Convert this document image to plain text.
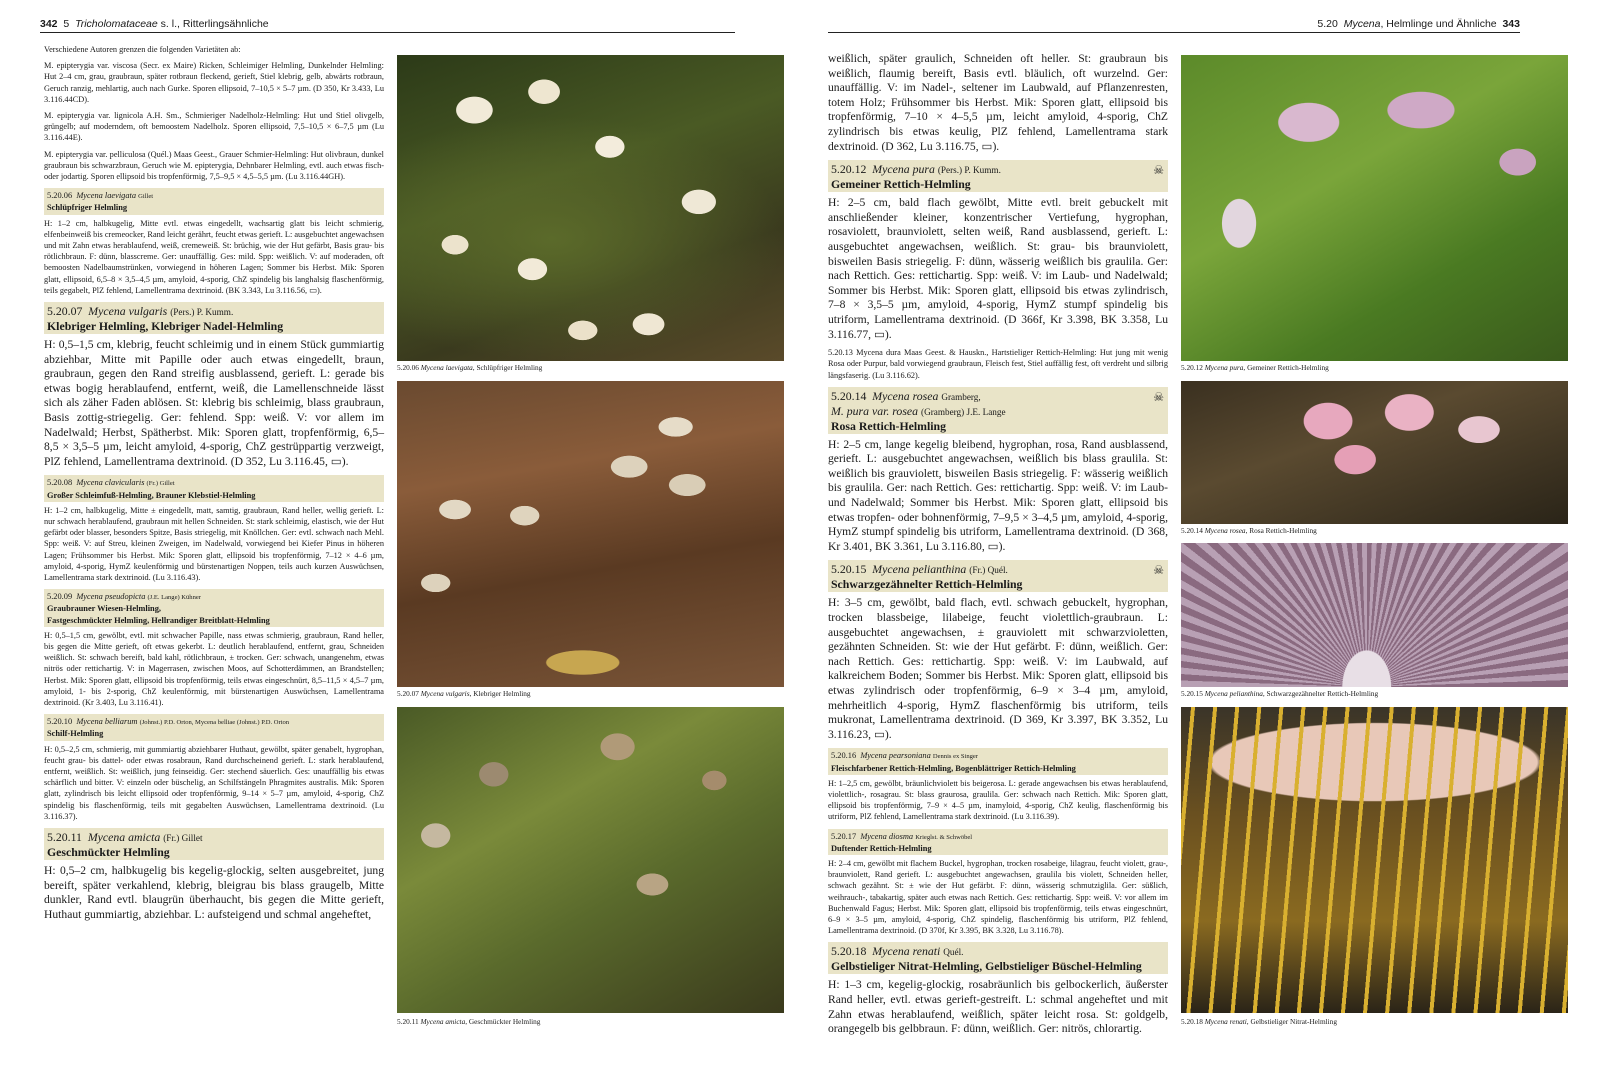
342 5 Tricholomataceae s. l., Ritterlingsähnliche	5.20 Mycena, Helmlinge und Ähnliche 343

Verschiedene Autoren grenzen die folgenden Varietäten ab:

M. epipterygia var. viscosa (Secr. ex Maire) Ricken, Schleimiger Helmling, Dunkelnder Helmling: Hut 2–4 cm, grau, graubraun, später rotbraun fleckend, gerieft, Stiel klebrig, gelb, abwärts rotbraun, Geruch ranzig, mehlartig, auch nach Gurke. Sporen ellipsoid, 7–10,5 × 5–7 µm. (D 350, Kr 3.433, Lu 3.116.44CD).

M. epipterygia var. lignicola A.H. Sm., Schmieriger Nadelholz-Helmling: Hut und Stiel olivgelb, grüngelb; auf moderndem, oft bemoostem Nadelholz. Sporen ellipsoid, 7,5–10,5 × 6–7,5 µm (Lu 3.116.44E).

M. epipterygia var. pelliculosa (Quél.) Maas Geest., Grauer Schmier-Helmling: Hut olivbraun, dunkel graubraun bis schwarzbraun, Geruch wie M. epipterygia, Dehnbarer Helmling, evtl. auch etwas fisch- oder jodartig. Sporen ellipsoid bis tropfenförmig, 7,5–9,5 × 4,5–5,5 µm. (Lu 3.116.44GH).

5.20.06  Mycena laevigata Gillet
Schlüpfriger Helmling

H: 1–2 cm, halbkugelig, Mitte evtl. etwas eingedellt, wachsartig glatt bis leicht schmierig, elfenbeinweiß bis cremeocker, Rand leicht gerährt, feucht etwas gerieft. L: ausgebuchtet angewachsen und mit Zahn etwas herablaufend, weiß, cremeweiß. St: brüchig, wie der Hut gefärbt, Basis grau- bis rötlichbraun. F: dünn, blasscreme. Ger: unauffällig. Ges: mild. Spp: weißlich. V: auf moderaden, oft bemoosten Nadelbaumstrünken, vorwiegend in höheren Lagen; Sommer bis Herbst. Mik: Sporen glatt, ellipsoid, 6,5–8 × 3,5–4,5 µm, amyloid, 4-sporig, ChZ spindelig bis langhalsig flaschenförmig, teils gegabelt, PlZ fehlend, Lamellentrama dextrinoid. (BK 3.343, Lu 3.116.56, ▭).

5.20.07  Mycena vulgaris (Pers.) P. Kumm.
Klebriger Helmling, Klebriger Nadel-Helmling

H: 0,5–1,5 cm, klebrig, feucht schleimig und in einem Stück gummiartig abziehbar, Mitte mit Papille oder auch etwas eingedellt, braun, graubraun, gegen den Rand streifig ausblassend, gerieft. L: gerade bis etwas bogig herablaufend, entfernt, weiß, die Lamellenschneide lässt sich als zäher Faden ablösen. St: klebrig bis schleimig, blass graubraun, Basis zottig-striegelig. Ger: fehlend. Spp: weiß. V: vor allem im Nadelwald; Herbst, Spätherbst. Mik: Sporen glatt, tropfenförmig, 6,5–8,5 × 3,5–5 µm, leicht amyloid, 4-sporig, ChZ gestrüppartig verzweigt, PlZ fehlend, Lamellentrama dextrinoid. (D 352, Lu 3.116.45, ▭).

5.20.08  Mycena clavicularis (Fr.) Gillet
Großer Schleimfuß-Helmling, Brauner Klebstiel-Helmling

H: 1–2 cm, halbkugelig, Mitte ± eingedellt, matt, samtig, graubraun, Rand heller, wellig gerieft. L: nur schwach herablaufend, graubraun mit hellen Schneiden. St: stark schleimig, elastisch, wie der Hut gefärbt oder blasser, besonders Spitze, Basis striegelig, mit Knöllchen. Ger: evtl. schwach nach Mehl. Spp: weiß. V: auf Streu, kleinen Zweigen, im Nadelwald, vorwiegend bei Kiefer Pinus in höheren Lagen; Frühsommer bis Herbst. Mik: Sporen glatt, ellipsoid bis tropfenförmig, 7–12 × 4–6 µm, amyloid, 4-sporig, HymZ keulenförmig und bürstenartigen Noppen, teils auch kurzen Auswüchsen, Lamellentrama stark dextrinoid. (Lu 3.116.43).

5.20.09  Mycena pseudopicta (J.E. Lange) Kühner
Graubrauner Wiesen-Helmling,
Fastgeschmückter Helmling, Hellrandiger Breitblatt-Helmling

H: 0,5–1,5 cm, gewölbt, evtl. mit schwacher Papille, nass etwas schmierig, graubraun, Rand heller, bis gegen die Mitte gerieft, oft etwas gekerbt. L: deutlich herablaufend, entfernt, grau, Schneiden weißlich. St: schwach bereift, bald kahl, rötlichbraun, ± trocken. Ger: schwach, unangenehm, etwas nitrös oder rettichartig. V: in Magerrasen, zwischen Moos, auf Schotterdämmen, an Brandstellen; Herbst. Mik: Sporen glatt, ellipsoid bis tropfenförmig, teils etwas eingeschnürt, 8,5–11,5 × 4,5–7 µm, amyloid, 1- bis 2-sporig, ChZ keulenförmig, mit bürstenartigen Auswüchsen, Lamellentrama dextrinoid. (Kr 3.403, Lu 3.116.41).

5.20.10  Mycena belliarum (Johnst.) P.D. Orton, Mycena belliae (Johnst.) P.D. Orton
Schilf-Helmling

H: 0,5–2,5 cm, schmierig, mit gummiartig abziehbarer Huthaut, gewölbt, später genabelt, hygrophan, feucht grau- bis dattel- oder etwas rosabraun, Rand durchscheinend gerieft. L: stark herablaufend, entfernt, weißlich. St: weißlich, jung feinseidig. Ger: stechend säuerlich. Ges: unauffällig bis etwas schärflich und bitter. V: einzeln oder büschelig, an Schilfstängeln Phragmites australis. Mik: Sporen glatt, zylindrisch bis leicht ellipsoid oder tropfenförmig, 9–14 × 5–7 µm, amyloid, 4-sporig, ChZ spindelig bis flaschenförmig, teils mit gegabelten Auswüchsen, Lamellentrama dextrinoid. (Lu 3.116.37).

5.20.11  Mycena amicta (Fr.) Gillet
Geschmückter Helmling

H: 0,5–2 cm, halbkugelig bis kegelig-glockig, selten ausgebreitet, jung bereift, später verkahlend, klebrig, bleigrau bis blass graugelb, Mitte dunkler, Rand evtl. blaugrün überhaucht, bis gegen die Mitte gerieft, Huthaut gummiartig, abziehbar. L: aufsteigend und schmal angeheftet,

weißlich, später graulich, Schneiden oft heller. St: graubraun bis weißlich, flaumig bereift, Basis evtl. bläulich, oft wurzelnd. Ger: unauffällig. V: im Nadel-, seltener im Laubwald, auf Pflanzenresten, totem Holz; Frühsommer bis Herbst. Mik: Sporen glatt, ellipsoid bis tropfenförmig, 7–10 × 4–5,5 µm, leicht amyloid, 4-sporig, ChZ zylindrisch bis etwas keulig, PlZ fehlend, Lamellentrama stark dextrinoid. (D 362, Lu 3.116.75, ▭).

5.20.12  Mycena pura (Pers.) P. Kumm.
Gemeiner Rettich-Helmling
☠

H: 2–5 cm, bald flach gewölbt, Mitte evtl. breit gebuckelt mit anschließender kleiner, konzentrischer Vertiefung, hygrophan, rosaviolett, braunviolett, selten weiß, Rand ausblassend, gerieft. L: ausgebuchtet angewachsen, weißlich. St: grau- bis braunviolett, bisweilen Basis striegelig. F: dünn, wässerig weißlich bis graulila. Ger: nach Rettich. Ges: rettichartig. Spp: weiß. V: im Laub- und Nadelwald; Sommer bis Herbst. Mik: Sporen glatt, ellipsoid bis etwas zylindrisch, 7–8 × 3,5–5 µm, amyloid, 4-sporig, HymZ stumpf spindelig bis utriform, Lamellentrama dextrinoid. (D 366f, Kr 3.398, BK 3.358, Lu 3.116.77, ▭).

5.20.13 Mycena dura Maas Geest. & Hauskn., Hartstieliger Rettich-Helmling: Hut jung mit wenig Rosa oder Purpur, bald vorwiegend graubraun, Fleisch fest, Stiel auffällig fest, oft verdreht und silbrig längsfaserig. (Lu 3.116.62).

5.20.14  Mycena rosea Gramberg,
M. pura var. rosea (Gramberg) J.E. Lange
Rosa Rettich-Helmling
☠

H: 2–5 cm, lange kegelig bleibend, hygrophan, rosa, Rand ausblassend, gerieft. L: ausgebuchtet angewachsen, weißlich bis blass graulila. St: weißlich bis grauviolett, bisweilen Basis striegelig. F: wässerig weißlich bis graulila. Ger: nach Rettich. Ges: rettichartig. Spp: weiß. V: im Laub- und Nadelwald; Sommer bis Herbst. Mik: Sporen glatt, ellipsoid bis etwas tropfen- oder bohnenförmig, 7–9,5 × 3–4,5 µm, amyloid, 4-sporig, HymZ stumpf spindelig bis utriform, Lamellentrama dextrinoid. (D 368, Kr 3.401, BK 3.361, Lu 3.116.80, ▭).

5.20.15  Mycena pelianthina (Fr.) Quél.
Schwarzgezähnelter Rettich-Helmling
☠

H: 3–5 cm, gewölbt, bald flach, evtl. schwach gebuckelt, hygrophan, trocken blassbeige, lilabeige, feucht violettlich-graubraun. L: ausgebuchtet angewachsen, ± grauviolett mit schwarzvioletten, gezähnten Schneiden. St: wie der Hut gefärbt. F: dünn, weißlich. Ger: nach Rettich. Ges: rettichartig. Spp: weiß. V: im Laubwald, auf kalkreichem Boden; Sommer bis Herbst. Mik: Sporen glatt, ellipsoid bis etwas zylindrisch oder tropfenförmig, 6–9 × 3–4 µm, amyloid, mehrheitlich 4-sporig, HymZ flaschenförmig bis utriform, teils mukronat, Lamellentrama dextrinoid. (D 369, Kr 3.397, BK 3.352, Lu 3.116.23, ▭).

5.20.16  Mycena pearsoniana Dennis ex Singer
Fleischfarbener Rettich-Helmling, Bogenblättriger Rettich-Helmling

H: 1–2,5 cm, gewölbt, bräunlichviolett bis beigerosa. L: gerade angewachsen bis etwas herablaufend, violettlich-, rosagrau. St: blass graurosa, graulila. Ger: schwach nach Rettich. Mik: Sporen glatt, ellipsoid bis tropfenförmig, 7–9 × 4–5 µm, inamyloid, 4-sporig, ChZ keulig, flaschenförmig bis utriform, PlZ fehlend, Lamellentrama stark dextrinoid. (Lu 3.116.39).

5.20.17  Mycena diosma Krieglst. & Schwöbel
Duftender Rettich-Helmling

H: 2–4 cm, gewölbt mit flachem Buckel, hygrophan, trocken rosabeige, lilagrau, feucht violett, grau-, braunviolett, Rand gerieft. L: ausgebuchtet angewachsen, graulila bis violett, Schneiden heller, schwach gezähnt. St: ± wie der Hut gefärbt. F: dünn, wässerig schmutziglila. Ger: süßlich, weihrauch-, tabakartig, später auch etwas nach Rettich. Ges: rettichartig. Spp: weiß. V: vor allem im Buchenwald Fagus; Herbst. Mik: Sporen glatt, ellipsoid bis tropfenförmig, teils etwas eingeschnürt, 6–9 × 3–5 µm, amyloid, 4-sporig, ChZ spindelig, flaschenförmig bis utriform, PlZ fehlend, Lamellentrama dextrinoid. (D 370f, Kr 3.395, BK 3.328, Lu 3.116.78).

5.20.18  Mycena renati Quél.
Gelbstieliger Nitrat-Helmling, Gelbstieliger Büschel-Helmling

H: 1–3 cm, kegelig-glockig, rosabräunlich bis gelbockerlich, äußerster Rand heller, evtl. etwas gerieft-gestreift. L: schmal angeheftet und mit Zahn etwas herablaufend, weißlich, später leicht rosa. St: goldgelb, orangegelb bis gelbbraun. F: dünn, weißlich. Ger: nitrös, chlorartig.

5.20.06 Mycena laevigata, Schlüpfriger Helmling
5.20.07 Mycena vulgaris, Klebriger Helmling
5.20.11 Mycena amicta, Geschmückter Helmling
5.20.12 Mycena pura, Gemeiner Rettich-Helmling
5.20.14 Mycena rosea, Rosa Rettich-Helmling
5.20.15 Mycena pelianthina, Schwarzgezähnelter Rettich-Helmling
5.20.18 Mycena renati, Gelbstieliger Nitrat-Helmling
